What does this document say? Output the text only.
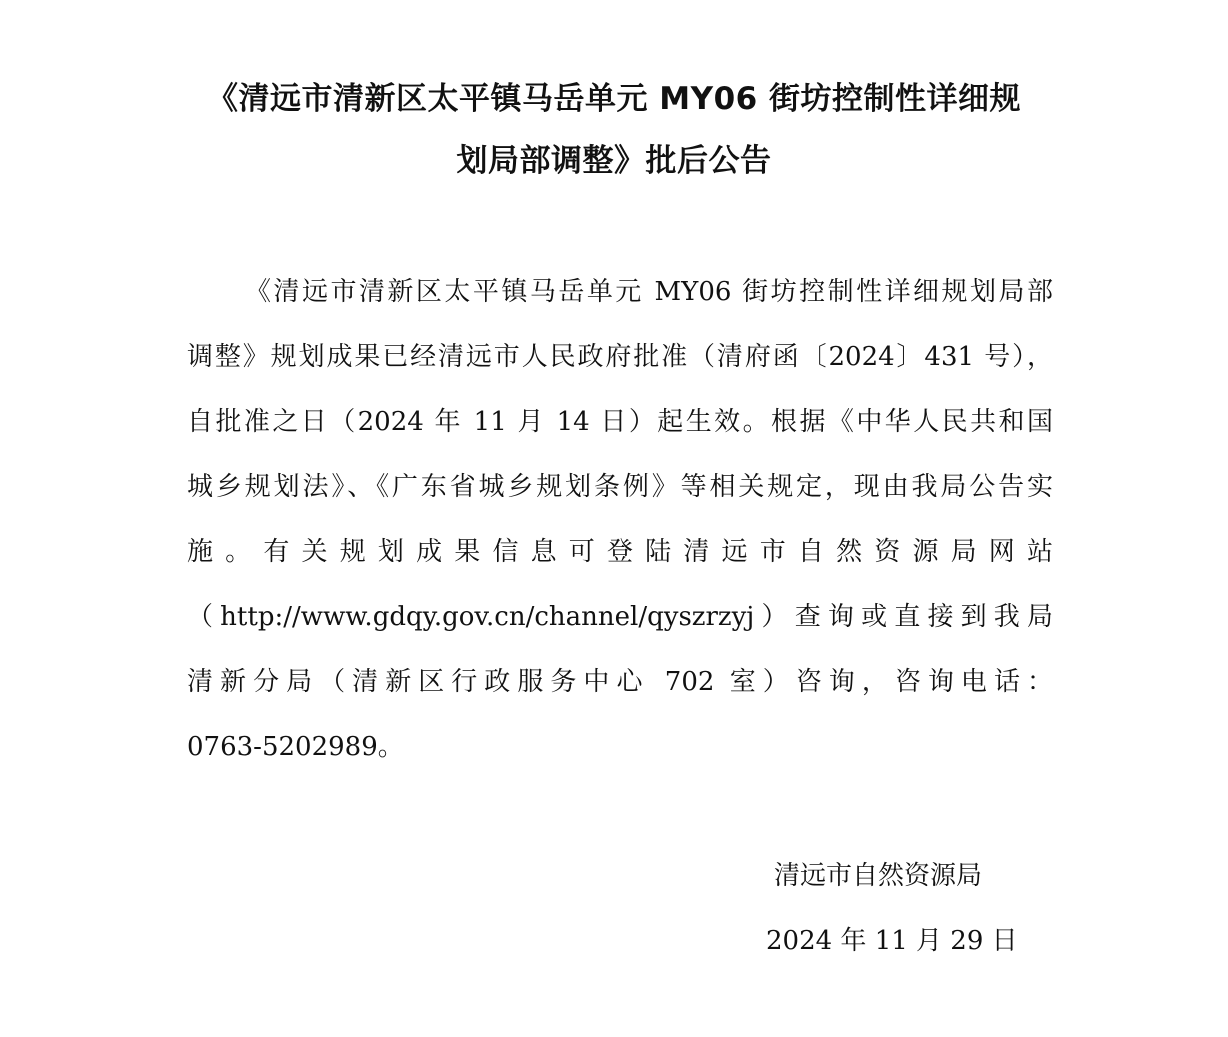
《清远市清新区太平镇马岳单元 MY06 街坊控制性详细规
划局部调整》批后公告

《清远市清新区太平镇马岳单元 MY06 街坊控制性详细规划局部

调整》规划成果已经清远市人民政府批准（清府函〔2024〕431 号），

自批准之日（2024 年 11 月 14 日）起生效。根据《中华人民共和国

城乡规划法》、《广东省城乡规划条例》等相关规定，现由我局公告实

施。有关规划成果信息可登陆清远市自然资源局网站

（http://www.gdqy.gov.cn/channel/qyszrzyj）查询或直接到我局

清新分局（清新区行政服务中心 702 室）咨询，咨询电话：

0763-5202989。

清远市自然资源局

2024 年 11 月 29 日
